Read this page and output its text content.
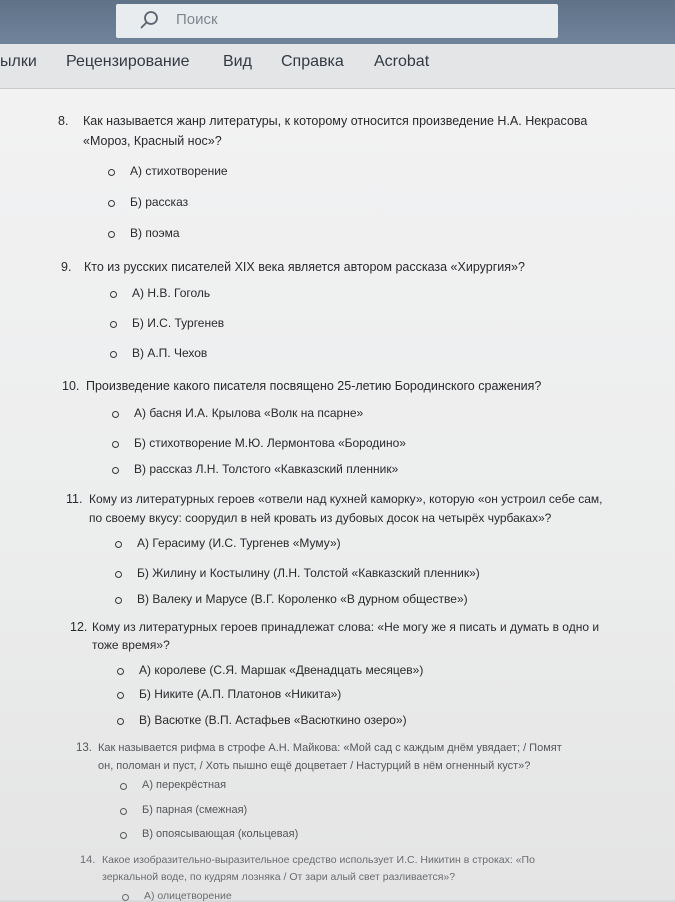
Поиск
ылки Рецензирование Вид Справка Acrobat
8. Как называется жанр литературы, к которому относится произведение Н.А. Некрасова
«Мороз, Красный нос»?
А) стихотворение
Б) рассказ
В) поэма
9. Кто из русских писателей XIX века является автором рассказа «Хирургия»?
А) Н.В. Гоголь
Б) И.С. Тургенев
В) А.П. Чехов
10. Произведение какого писателя посвящено 25-летию Бородинского сражения?
А) басня И.А. Крылова «Волк на псарне»
Б) стихотворение М.Ю. Лермонтова «Бородино»
В) рассказ Л.Н. Толстого «Кавказский пленник»
11. Кому из литературных героев «отвели над кухней каморку», которую «он устроил себе сам,
по своему вкусу: соорудил в ней кровать из дубовых досок на четырёх чурбаках»?
А) Герасиму (И.С. Тургенев «Муму»)
Б) Жилину и Костылину (Л.Н. Толстой «Кавказский пленник»)
В) Валеку и Марусе (В.Г. Короленко «В дурном обществе»)
12. Кому из литературных героев принадлежат слова: «Не могу же я писать и думать в одно и
тоже время»?
А) королеве (С.Я. Маршак «Двенадцать месяцев»)
Б) Никите (А.П. Платонов «Никита»)
В) Васютке (В.П. Астафьев «Васюткино озеро»)
13. Как называется рифма в строфе А.Н. Майкова: «Мой сад с каждым днём увядает; / Помят
он, поломан и пуст, / Хоть пышно ещё доцветает / Настурций в нём огненный куст»?
А) перекрёстная
Б) парная (смежная)
В) опоясывающая (кольцевая)
14. Какое изобразительно-выразительное средство использует И.С. Никитин в строках: «По
зеркальной воде, по кудрям лозняка / От зари алый свет разливается»?
А) олицетворение
